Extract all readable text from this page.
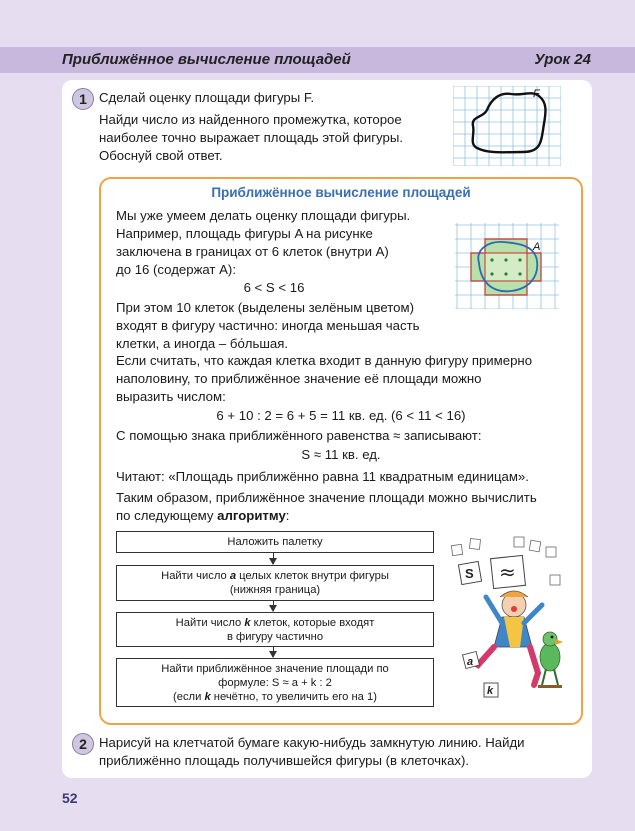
Приближённое вычисление площадей	Урок 24
1 Сделай оценку площади фигуры F.
Найди число из найденного промежутка, которое
наиболее точно выражает площадь этой фигуры.
Обоснуй свой ответ.
F
Приближённое вычисление площадей
Мы уже умеем делать оценку площади фигуры.
Например, площадь фигуры A на рисунке
заключена в границах от 6 клеток (внутри A)
до 16 (содержат A):
6 < S < 16
При этом 10 клеток (выделены зелёным цветом)
входят в фигуру частично: иногда меньшая часть
клетки, а иногда – бо́льшая.
A
Если считать, что каждая клетка входит в данную фигуру примерно
наполовину, то приближённое значение её площади можно
выразить числом:
6 + 10 : 2 = 6 + 5 = 11 кв. ед. (6 < 11 < 16)
С помощью знака приближённого равенства ≈ записывают:
S ≈ 11 кв. ед.
Читают: «Площадь приближённо равна 11 квадратным единицам».
Таким образом, приближённое значение площади можно вычислить
по следующему алгоритму:
Наложить палетку
Найти число a целых клеток внутри фигуры
(нижняя граница)
Найти число k клеток, которые входят
в фигуру частично
Найти приближённое значение площади по
формуле: S ≈ a + k : 2
(если k нечётно, то увеличить его на 1)
S ≈
a
k
2 Нарисуй на клетчатой бумаге какую-нибудь замкнутую линию. Найди
приближённо площадь получившейся фигуры (в клеточках).
52
